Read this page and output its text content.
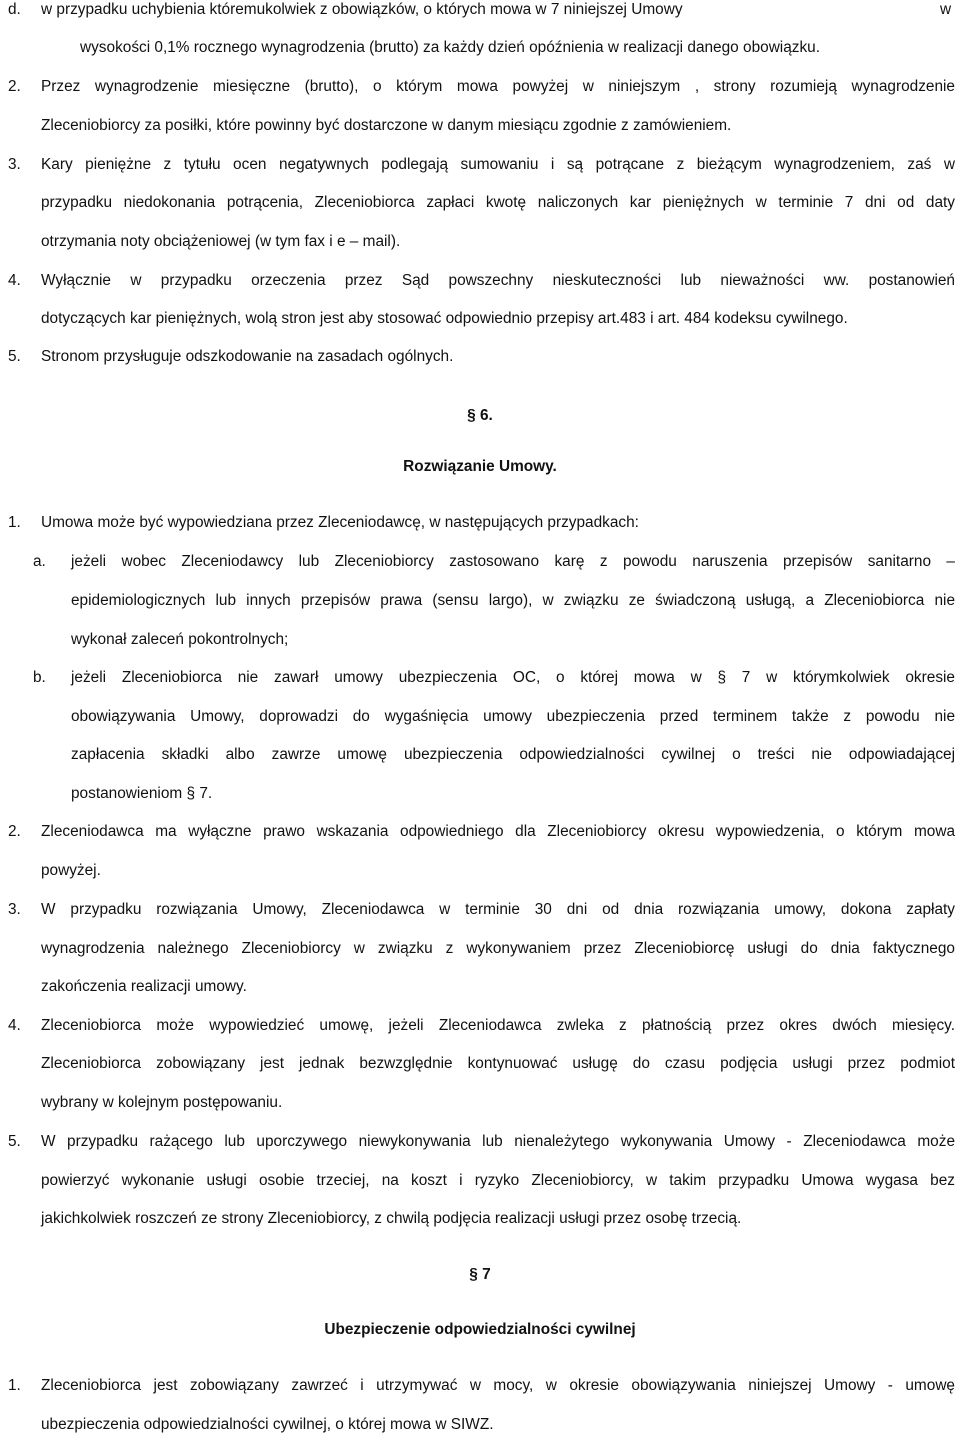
d. w przypadku uchybienia któremukolwiek z obowiązków, o których mowa w 7 niniejszej Umowy	w
wysokości 0,1% rocznego wynagrodzenia (brutto) za każdy dzień opóźnienia w realizacji danego obowiązku.
2. Przez wynagrodzenie miesięczne (brutto), o którym mowa powyżej w niniejszym , strony rozumieją wynagrodzenie
Zleceniobiorcy za posiłki, które powinny być dostarczone w danym miesiącu zgodnie z zamówieniem.
3. Kary pieniężne z tytułu ocen negatywnych podlegają sumowaniu i są potrącane z bieżącym wynagrodzeniem, zaś w
przypadku niedokonania potrącenia, Zleceniobiorca zapłaci kwotę naliczonych kar pieniężnych w terminie 7 dni od daty
otrzymania noty obciążeniowej (w tym fax i e – mail).
4. Wyłącznie w przypadku orzeczenia przez Sąd powszechny nieskuteczności lub nieważności ww. postanowień
dotyczących kar pieniężnych, wolą stron jest aby stosować odpowiednio przepisy art.483 i art. 484 kodeksu cywilnego.
5. Stronom przysługuje odszkodowanie na zasadach ogólnych.
§ 6.
Rozwiązanie Umowy.
1. Umowa może być wypowiedziana przez Zleceniodawcę, w następujących przypadkach:
a. jeżeli wobec Zleceniodawcy lub Zleceniobiorcy zastosowano karę z powodu naruszenia przepisów sanitarno –
epidemiologicznych lub innych przepisów prawa (sensu largo), w związku ze świadczoną usługą, a Zleceniobiorca nie
wykonał zaleceń pokontrolnych;
b. jeżeli Zleceniobiorca nie zawarł umowy ubezpieczenia OC, o której mowa w § 7 w którymkolwiek okresie
obowiązywania Umowy, doprowadzi do wygaśnięcia umowy ubezpieczenia przed terminem także z powodu nie
zapłacenia składki albo zawrze umowę ubezpieczenia odpowiedzialności cywilnej o treści nie odpowiadającej
postanowieniom § 7.
2. Zleceniodawca ma wyłączne prawo wskazania odpowiedniego dla Zleceniobiorcy okresu wypowiedzenia, o którym mowa
powyżej.
3. W przypadku rozwiązania Umowy, Zleceniodawca w terminie 30 dni od dnia rozwiązania umowy, dokona zapłaty
wynagrodzenia należnego Zleceniobiorcy w związku z wykonywaniem przez Zleceniobiorcę usługi do dnia faktycznego
zakończenia realizacji umowy.
4. Zleceniobiorca może wypowiedzieć umowę, jeżeli Zleceniodawca zwleka z płatnością przez okres dwóch miesięcy.
Zleceniobiorca zobowiązany jest jednak bezwzględnie kontynuować usługę do czasu podjęcia usługi przez podmiot
wybrany w kolejnym postępowaniu.
5. W przypadku rażącego lub uporczywego niewykonywania lub nienależytego wykonywania Umowy - Zleceniodawca może
powierzyć wykonanie usługi osobie trzeciej, na koszt i ryzyko Zleceniobiorcy, w takim przypadku Umowa wygasa bez
jakichkolwiek roszczeń ze strony Zleceniobiorcy, z chwilą podjęcia realizacji usługi przez osobę trzecią.
§ 7
Ubezpieczenie odpowiedzialności cywilnej
1. Zleceniobiorca jest zobowiązany zawrzeć i utrzymywać w mocy, w okresie obowiązywania niniejszej Umowy - umowę
ubezpieczenia odpowiedzialności cywilnej, o której mowa w SIWZ.
